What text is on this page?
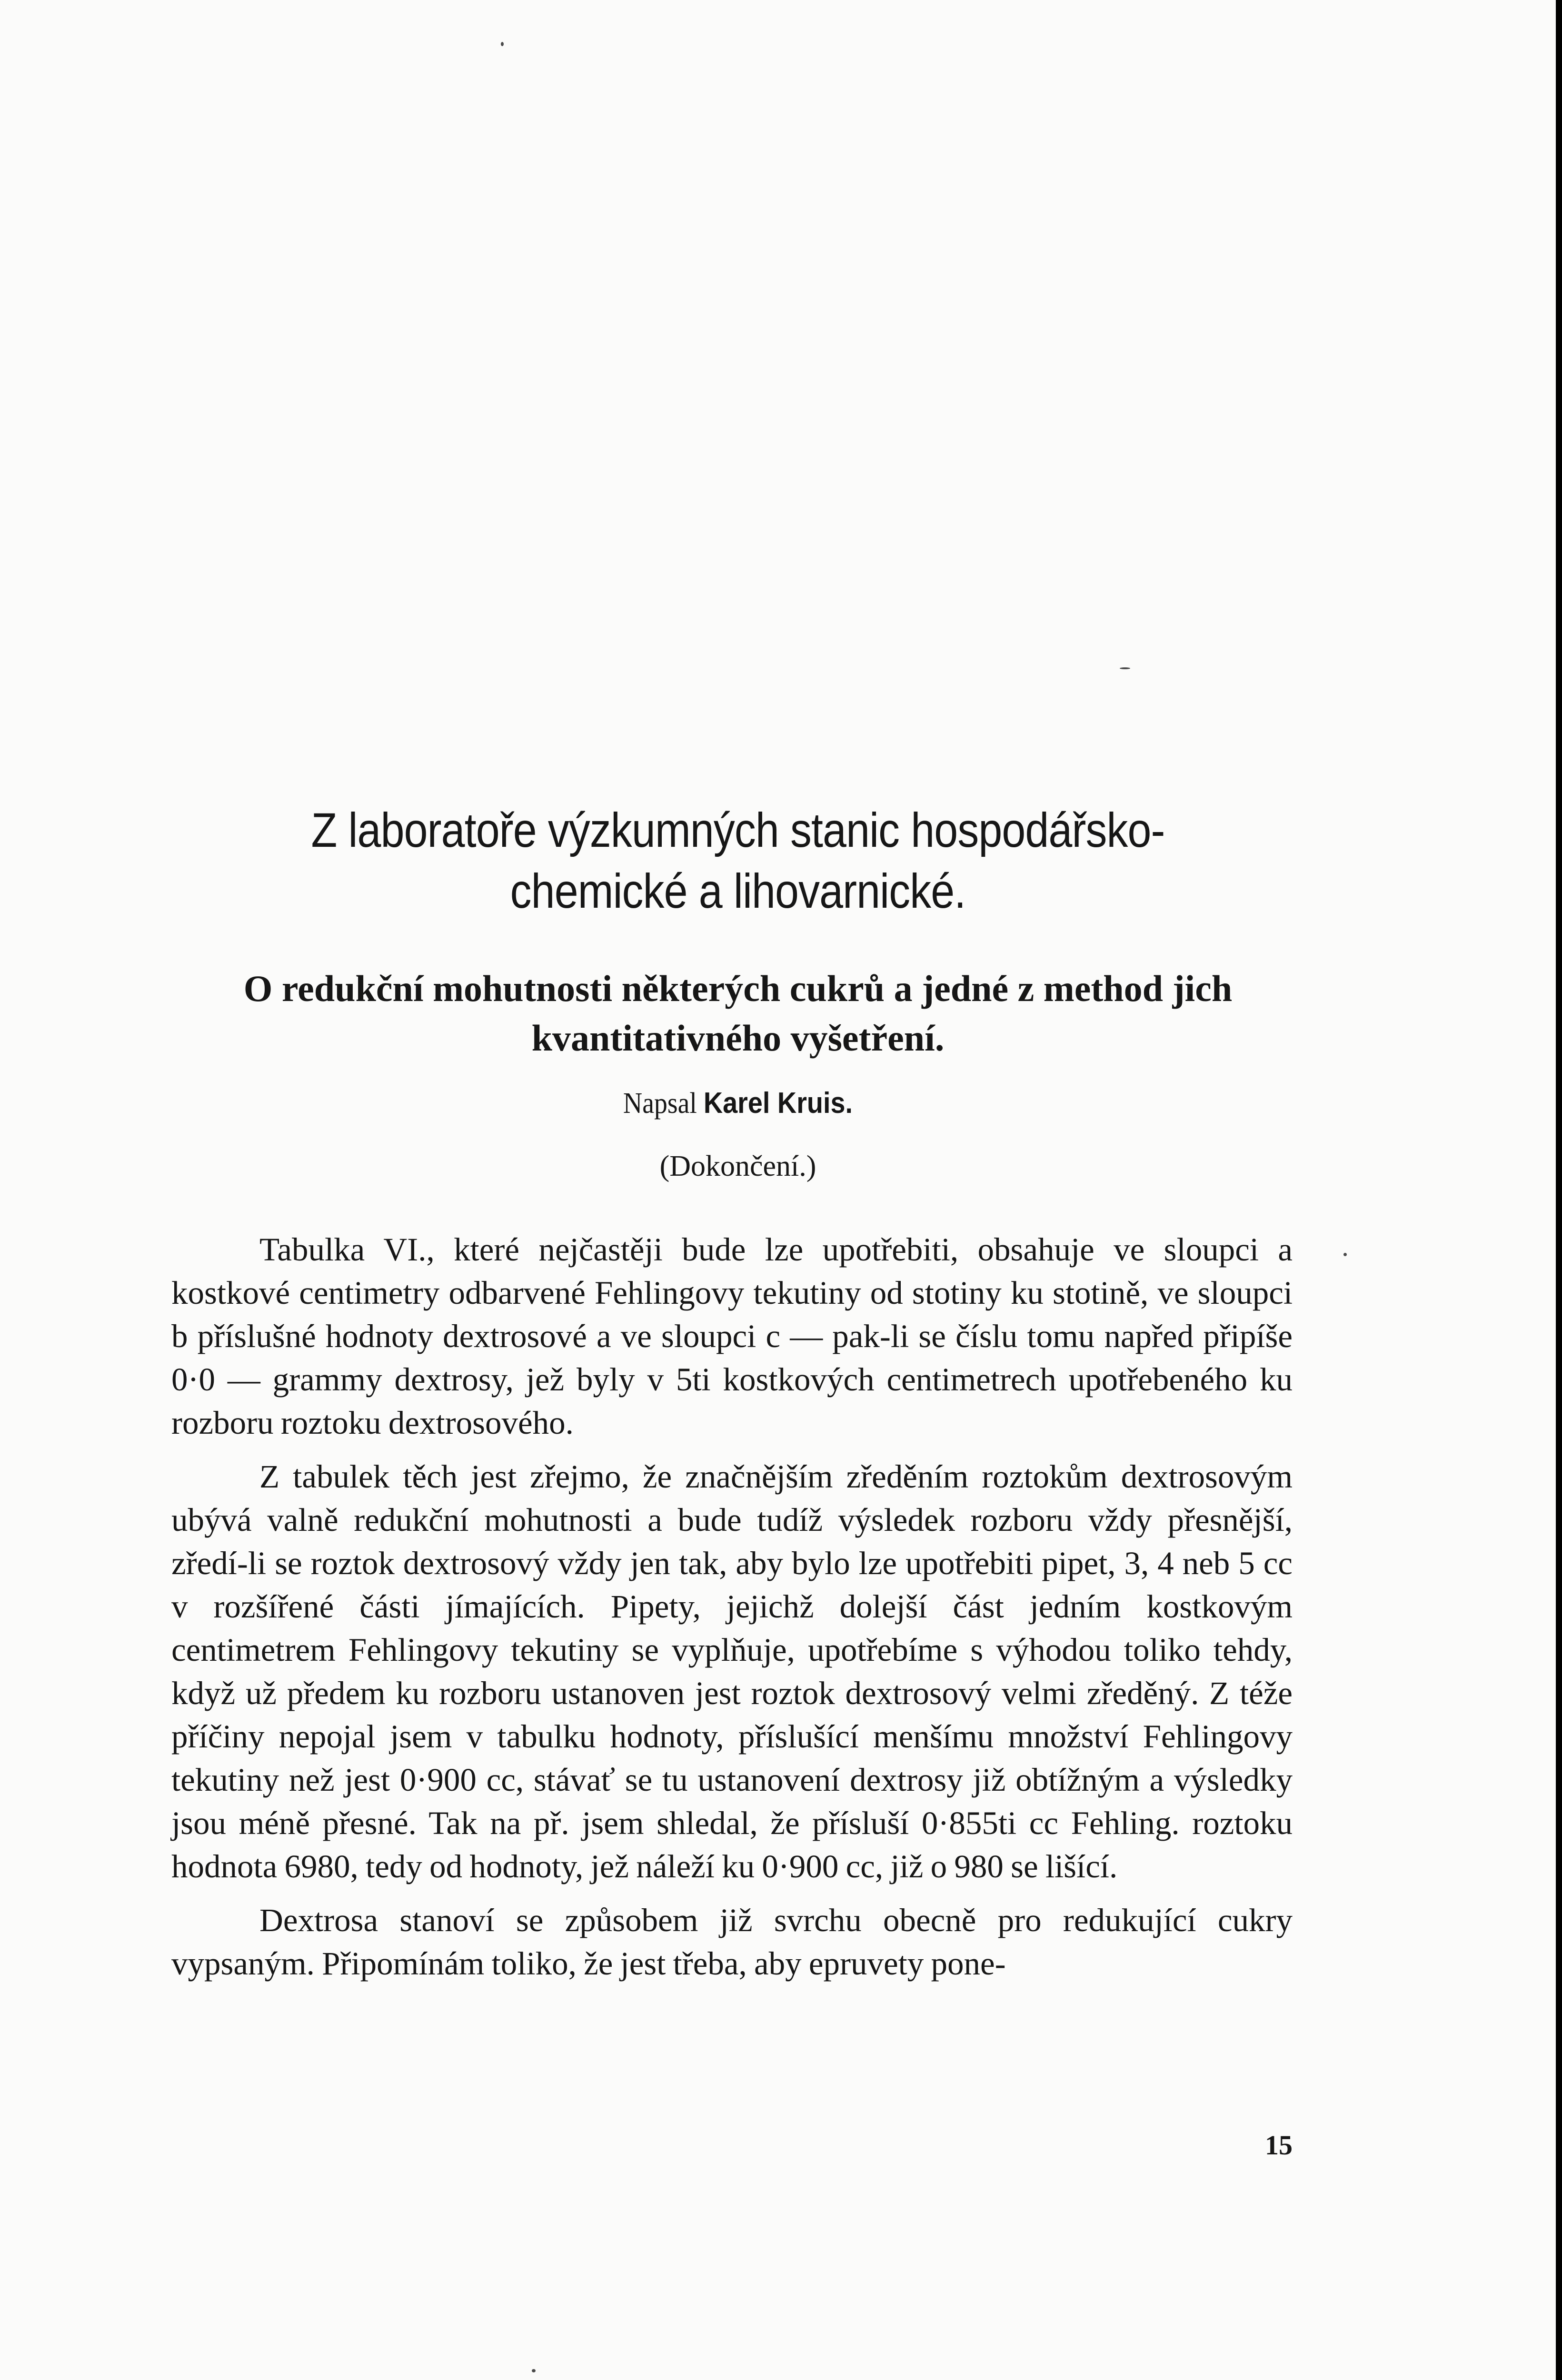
Z laboratoře výzkumných stanic hospodářsko-chemické a lihovarnické.
O redukční mohutnosti některých cukrů a jedné z method jich kvantitativného vyšetření.

Napsal Karel Kruis.

(Dokončení.)

Tabulka VI., které nejčastěji bude lze upotřebiti, obsahuje ve sloupci a kostkové centimetry odbarvené Fehlingovy tekutiny od stotiny ku stotině, ve sloupci b příslušné hodnoty dextrosové a ve sloupci c — pak-li se číslu tomu napřed připíše 0·0 — grammy dextrosy, jež byly v 5ti kostkových centimetrech upotřebeného ku rozboru roztoku dextrosového.

Z tabulek těch jest zřejmo, že značnějším zředěním roztokům dextrosovým ubývá valně redukční mohutnosti a bude tudíž výsledek rozboru vždy přesnější, zředí-li se roztok dextrosový vždy jen tak, aby bylo lze upotřebiti pipet, 3, 4 neb 5 cc v rozšířené části jímajících. Pipety, jejichž dolejší část jedním kostkovým centimetrem Fehlingovy tekutiny se vyplňuje, upotřebíme s výhodou toliko tehdy, když už předem ku rozboru ustanoven jest roztok dextrosový velmi zředěný. Z téže příčiny nepojal jsem v tabulku hodnoty, příslušící menšímu množství Fehlingovy tekutiny než jest 0·900 cc, stávať se tu ustanovení dextrosy již obtížným a výsledky jsou méně přesné. Tak na př. jsem shledal, že přísluší 0·855ti cc Fehling. roztoku hodnota 6980, tedy od hodnoty, jež náleží ku 0·900 cc, již o 980 se lišící.

Dextrosa stanoví se způsobem již svrchu obecně pro redukující cukry vypsaným. Připomínám toliko, že jest třeba, aby epruvety pone-

15
